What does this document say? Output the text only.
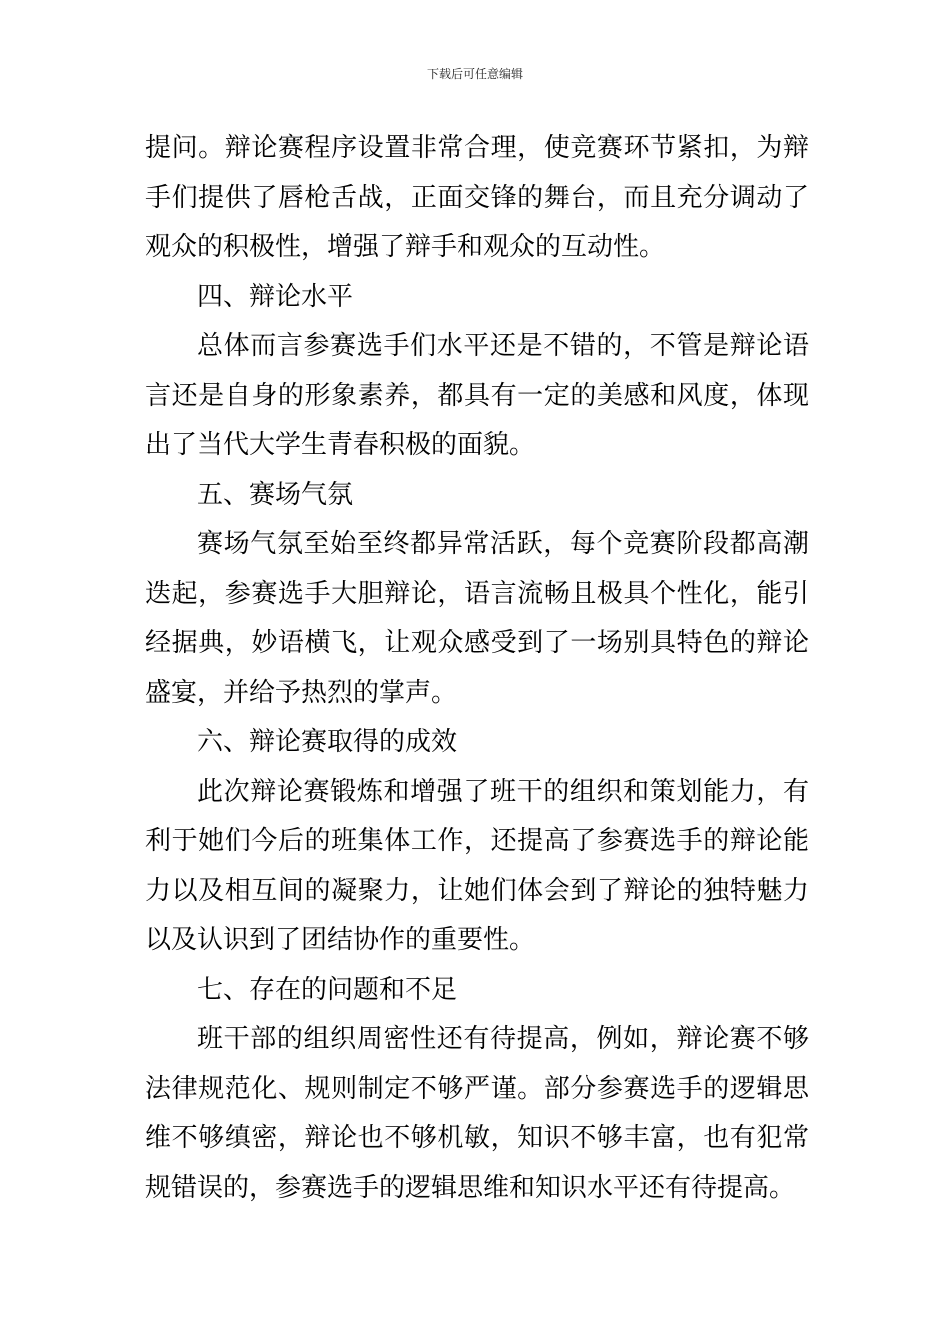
下载后可任意编辑
提问。辩论赛程序设置非常合理，使竞赛环节紧扣，为辩
手们提供了唇枪舌战，正面交锋的舞台，而且充分调动了
观众的积极性，增强了辩手和观众的互动性。
四、辩论水平
总体而言参赛选手们水平还是不错的，不管是辩论语
言还是自身的形象素养，都具有一定的美感和风度，体现
出了当代大学生青春积极的面貌。
五、赛场气氛
赛场气氛至始至终都异常活跃，每个竞赛阶段都高潮
迭起，参赛选手大胆辩论，语言流畅且极具个性化，能引
经据典，妙语横飞，让观众感受到了一场别具特色的辩论
盛宴，并给予热烈的掌声。
六、辩论赛取得的成效
此次辩论赛锻炼和增强了班干的组织和策划能力，有
利于她们今后的班集体工作，还提高了参赛选手的辩论能
力以及相互间的凝聚力，让她们体会到了辩论的独特魅力
以及认识到了团结协作的重要性。
七、存在的问题和不足
班干部的组织周密性还有待提高，例如，辩论赛不够
法律规范化、规则制定不够严谨。部分参赛选手的逻辑思
维不够缜密，辩论也不够机敏，知识不够丰富，也有犯常
规错误的，参赛选手的逻辑思维和知识水平还有待提高。
